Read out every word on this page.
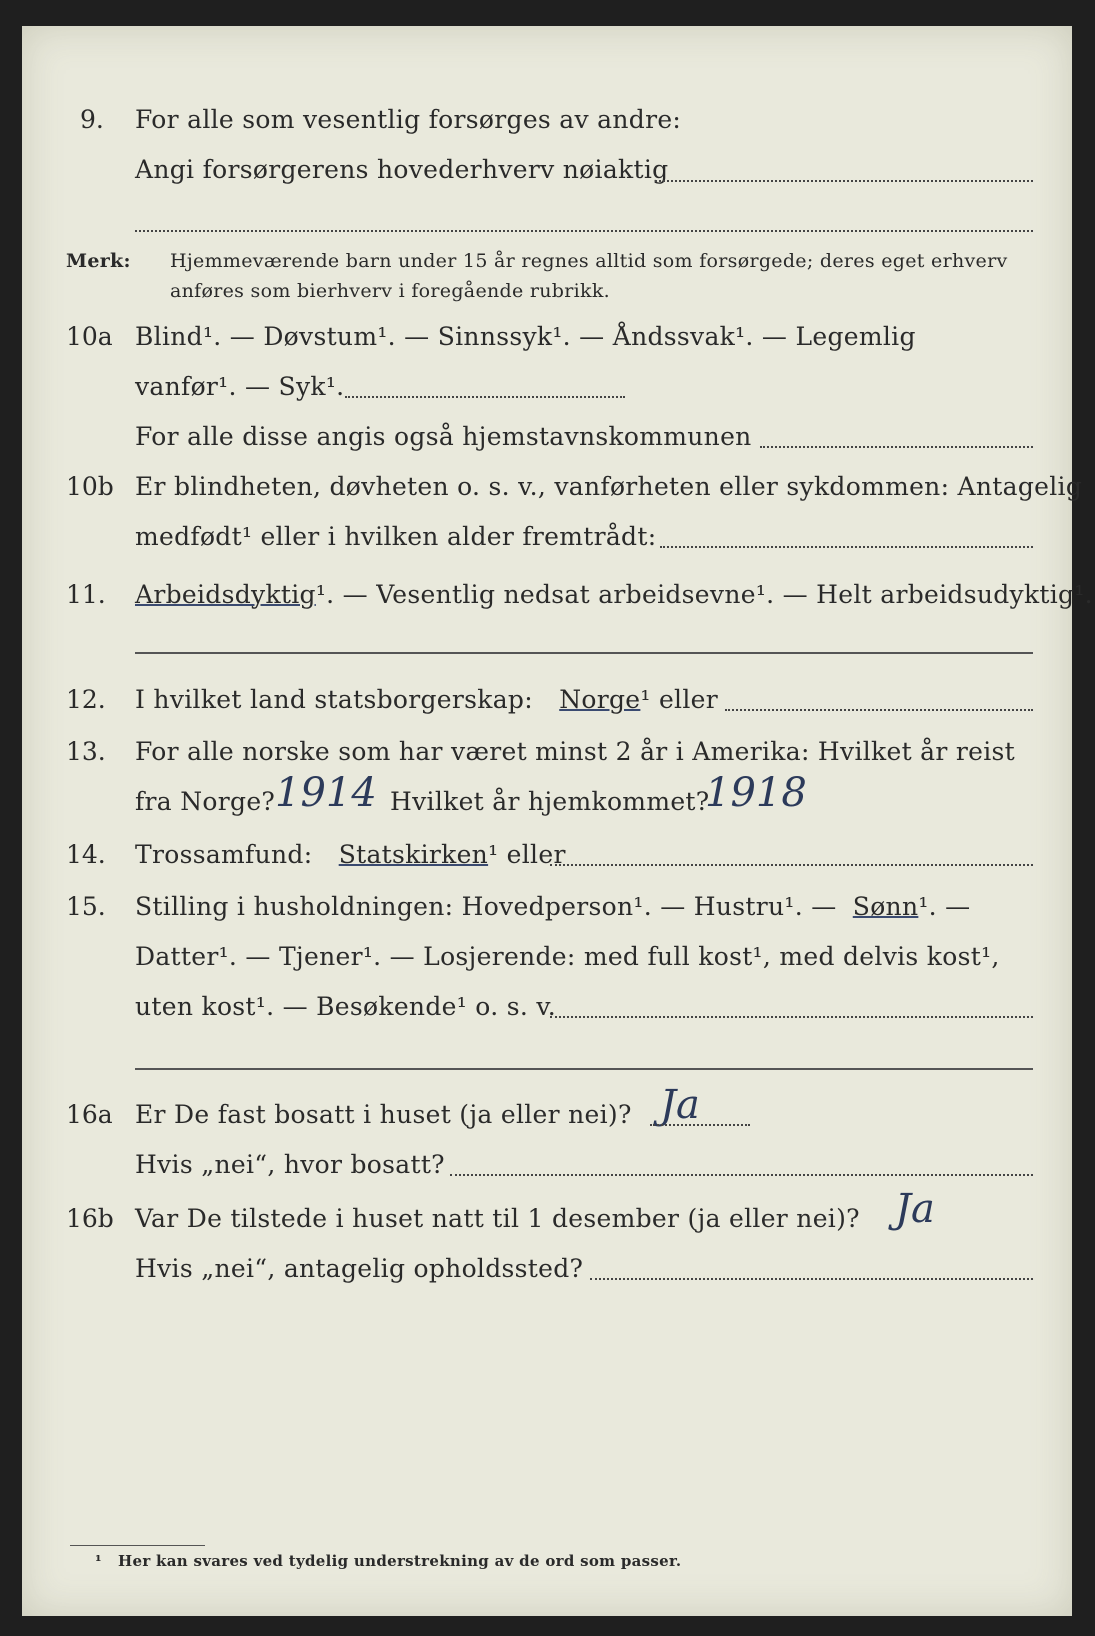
9. For alle som vesentlig forsørges av andre:
Angi forsørgerens hovederhverv nøiaktig
Merk: Hjemmeværende barn under 15 år regnes alltid som forsørgede; deres eget erhverv
anføres som bierhverv i foregående rubrikk.
10a Blind¹. — Døvstum¹. — Sinnssyk¹. — Åndssvak¹. — Legemlig
vanfør¹. — Syk¹.
For alle disse angis også hjemstavnskommunen
10b Er blindheten, døvheten o. s. v., vanførheten eller sykdommen: Antagelig
medfødt¹ eller i hvilken alder fremtrådt:
11. Arbeidsdyktig¹. — Vesentlig nedsat arbeidsevne¹. — Helt arbeidsudyktig¹.
12. I hvilket land statsborgerskap: Norge¹ eller
13. For alle norske som har været minst 2 år i Amerika: Hvilket år reist
fra Norge? 1914 Hvilket år hjemkommet?
1918
14. Trossamfund: Statskirken¹ eller
15. Stilling i husholdningen: Hovedperson¹. — Hustru¹. — Sønn¹. —
Datter¹. — Tjener¹. — Losjerende: med full kost¹, med delvis kost¹,
uten kost¹. — Besøkende¹ o. s. v.
16a Er De fast bosatt i huset (ja eller nei)? Ja
Hvis „nei“, hvor bosatt?
16b Var De tilstede i huset natt til 1 desember (ja eller nei)? Ja
Hvis „nei“, antagelig opholdssted?
¹ Her kan svares ved tydelig understrekning av de ord som passer.
